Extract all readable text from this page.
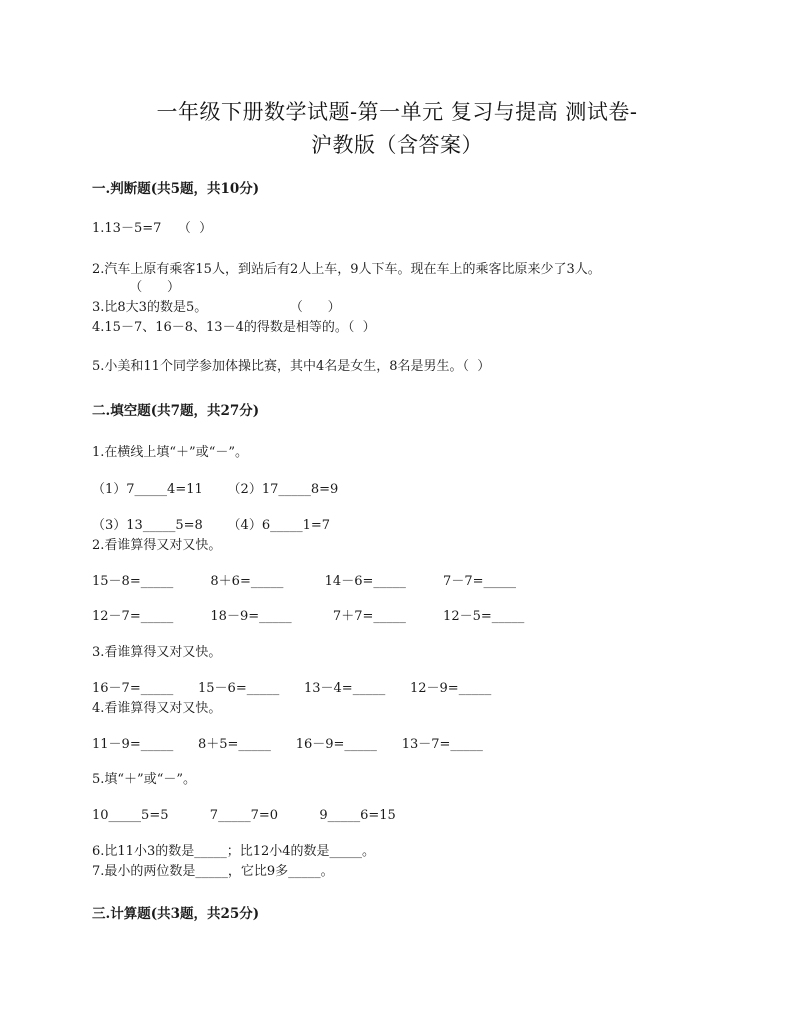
一年级下册数学试题-第一单元 复习与提高 测试卷-
沪教版（含答案）
一.判断题(共5题，共10分)
1.13－5=7    （  ）
2.汽车上原有乘客15人，到站后有2人上车，9人下车。现在车上的乘客比原来少了3人。
（      ）
3.比8大3的数是5。                    （      ）
4.15－7、16－8、13－4的得数是相等的。（  ）
5.小美和11个同学参加体操比赛，其中4名是女生，8名是男生。（  ）
二.填空题(共7题，共27分)
1.在横线上填“＋”或“－”。
（1）7_____4=11      （2）17_____8=9
（3）13_____5=8      （4）6_____1=7
2.看谁算得又对又快。
15－8=_____         8＋6=_____          14－6=_____         7－7=_____
12－7=_____         18－9=_____          7＋7=_____         12－5=_____
3.看谁算得又对又快。
16－7=_____      15－6=_____      13－4=_____      12－9=_____
4.看谁算得又对又快。
11－9=_____      8＋5=_____      16－9=_____      13－7=_____
5.填“＋”或“－”。
10_____5=5          7_____7=0          9_____6=15
6.比11小3的数是_____；比12小4的数是_____。
7.最小的两位数是_____，它比9多_____。
三.计算题(共3题，共25分)
